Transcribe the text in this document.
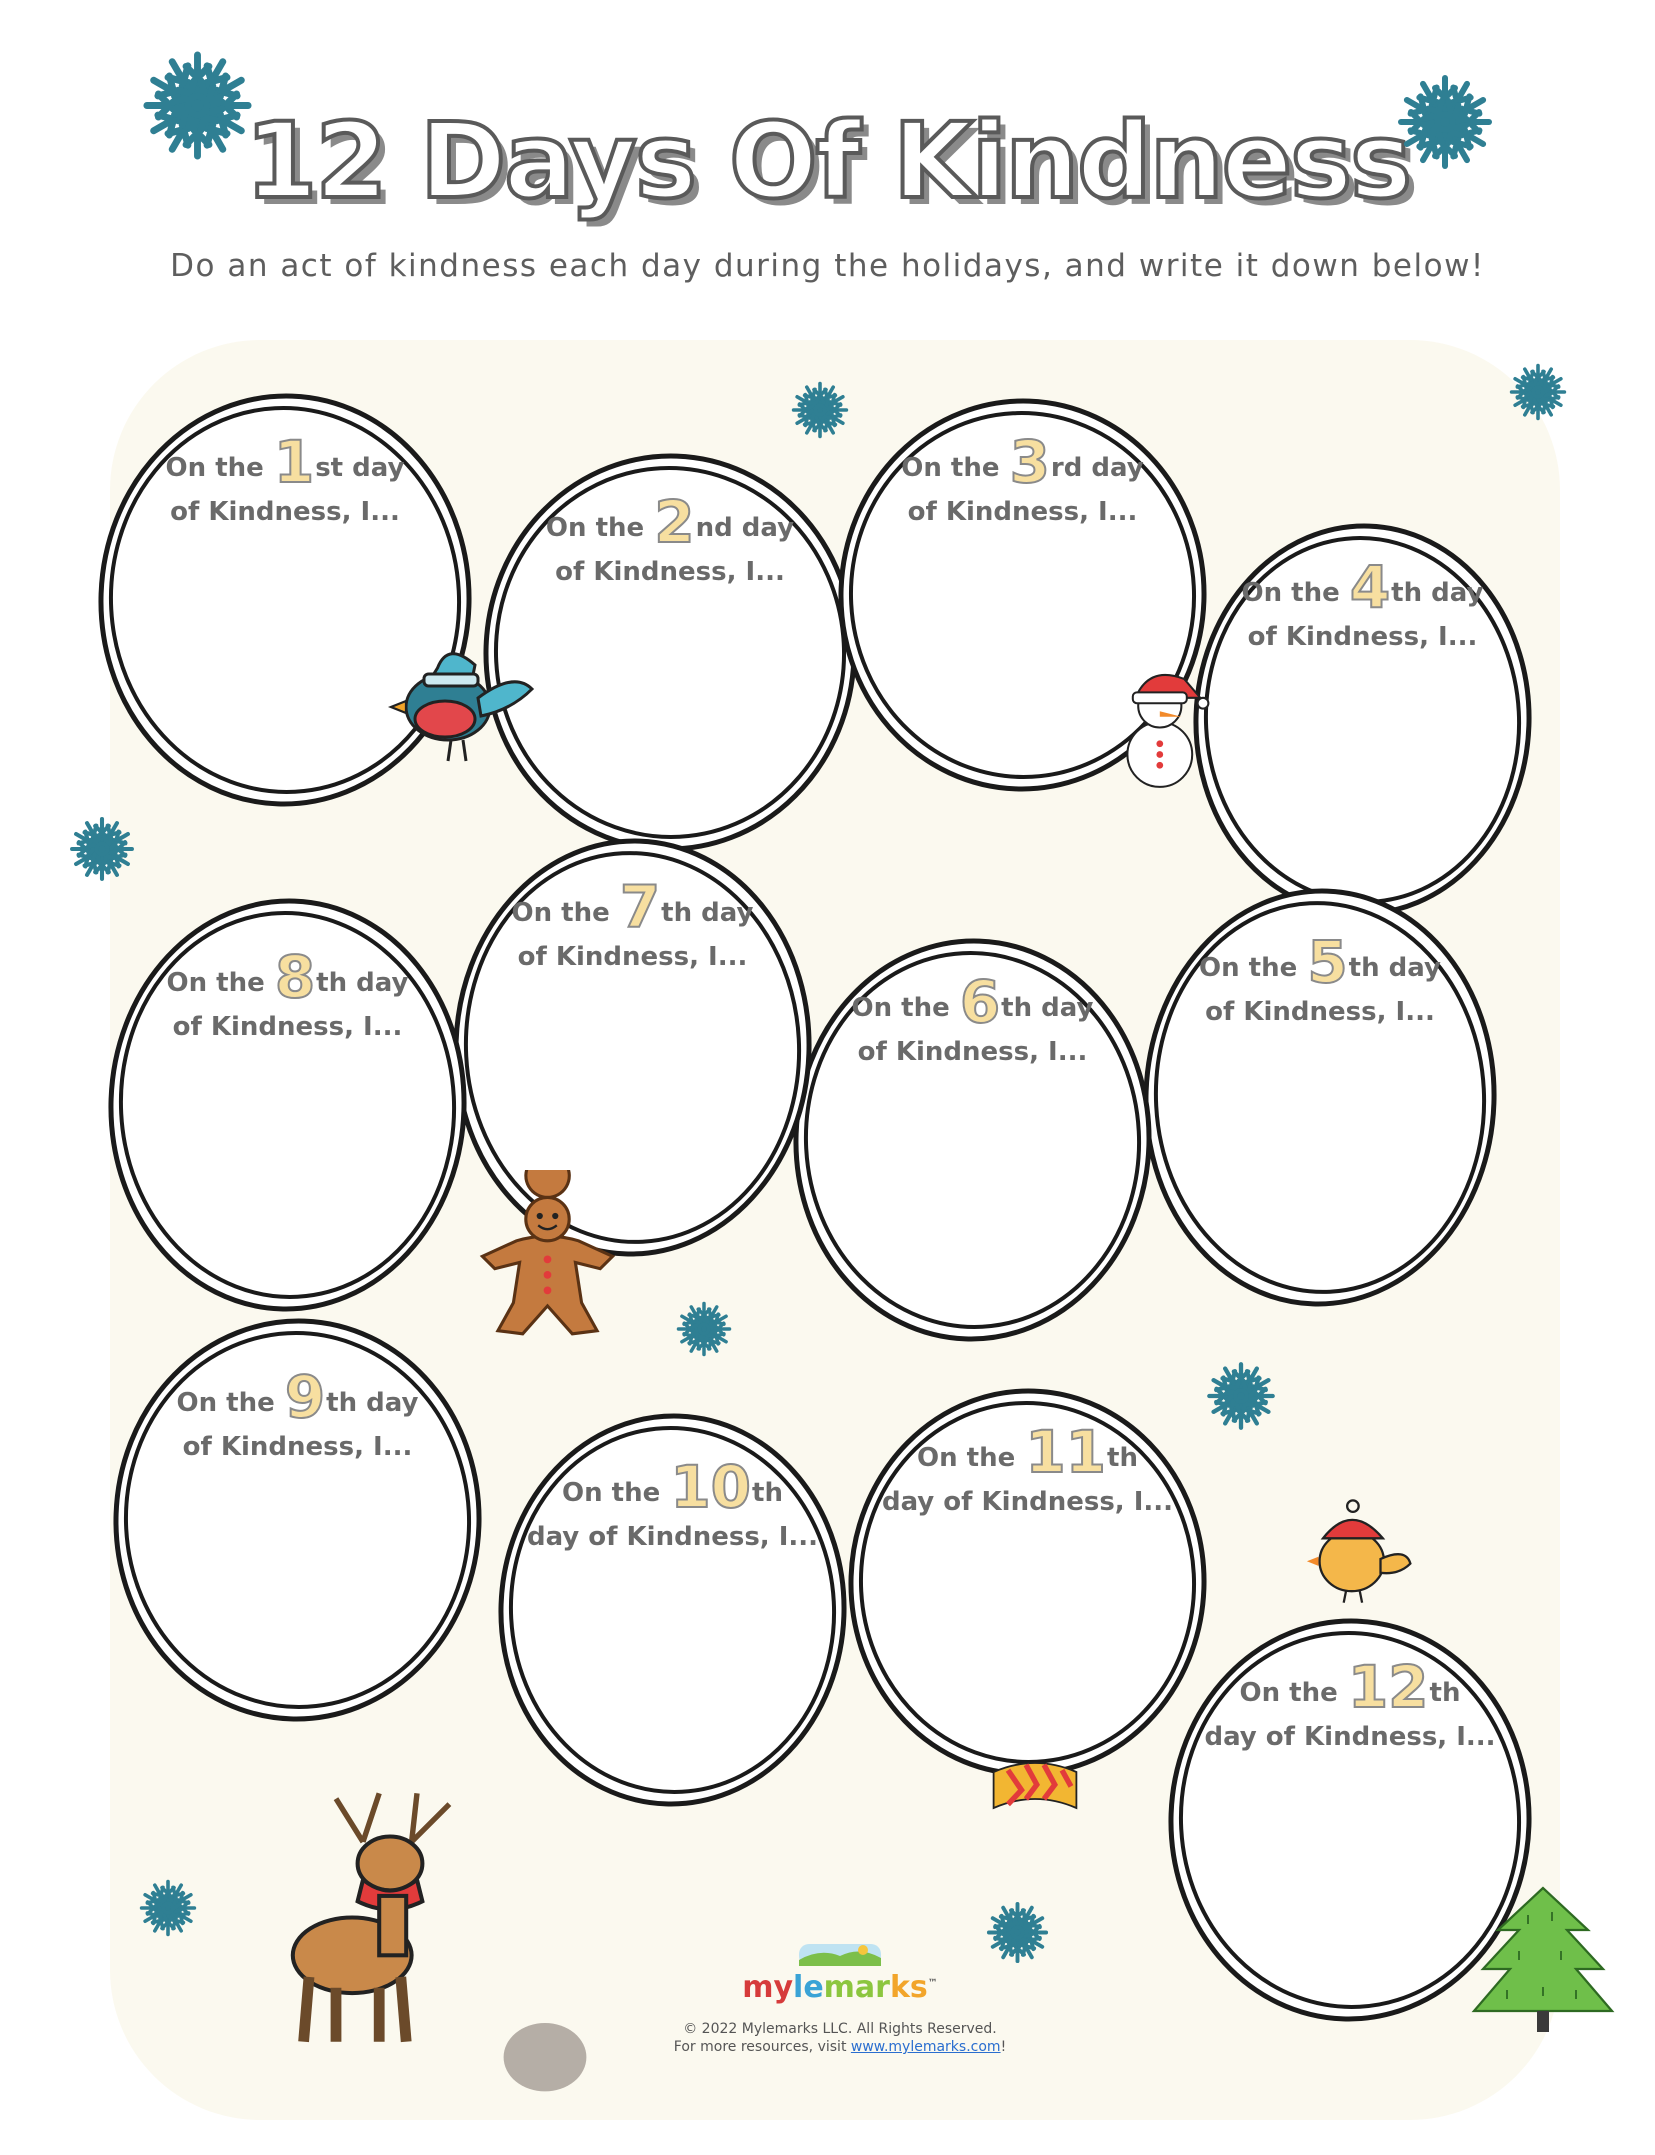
12 Days Of Kindness
Do an act of kindness each day during the holidays, and write it down below!
On the 1st day
of Kindness, I...
On the 2nd day
of Kindness, I...
On the 3rd day
of Kindness, I...
On the 4th day
of Kindness, I...
On the 5th day
of Kindness, I...
On the 6th day
of Kindness, I...
On the 7th day
of Kindness, I...
On the 8th day
of Kindness, I...
On the 9th day
of Kindness, I...
On the 10th
day of Kindness, I...
On the 11th
day of Kindness, I...
On the 12th
day of Kindness, I...
mylemarks™
© 2022 Mylemarks LLC. All Rights Reserved.
For more resources, visit www.mylemarks.com!
